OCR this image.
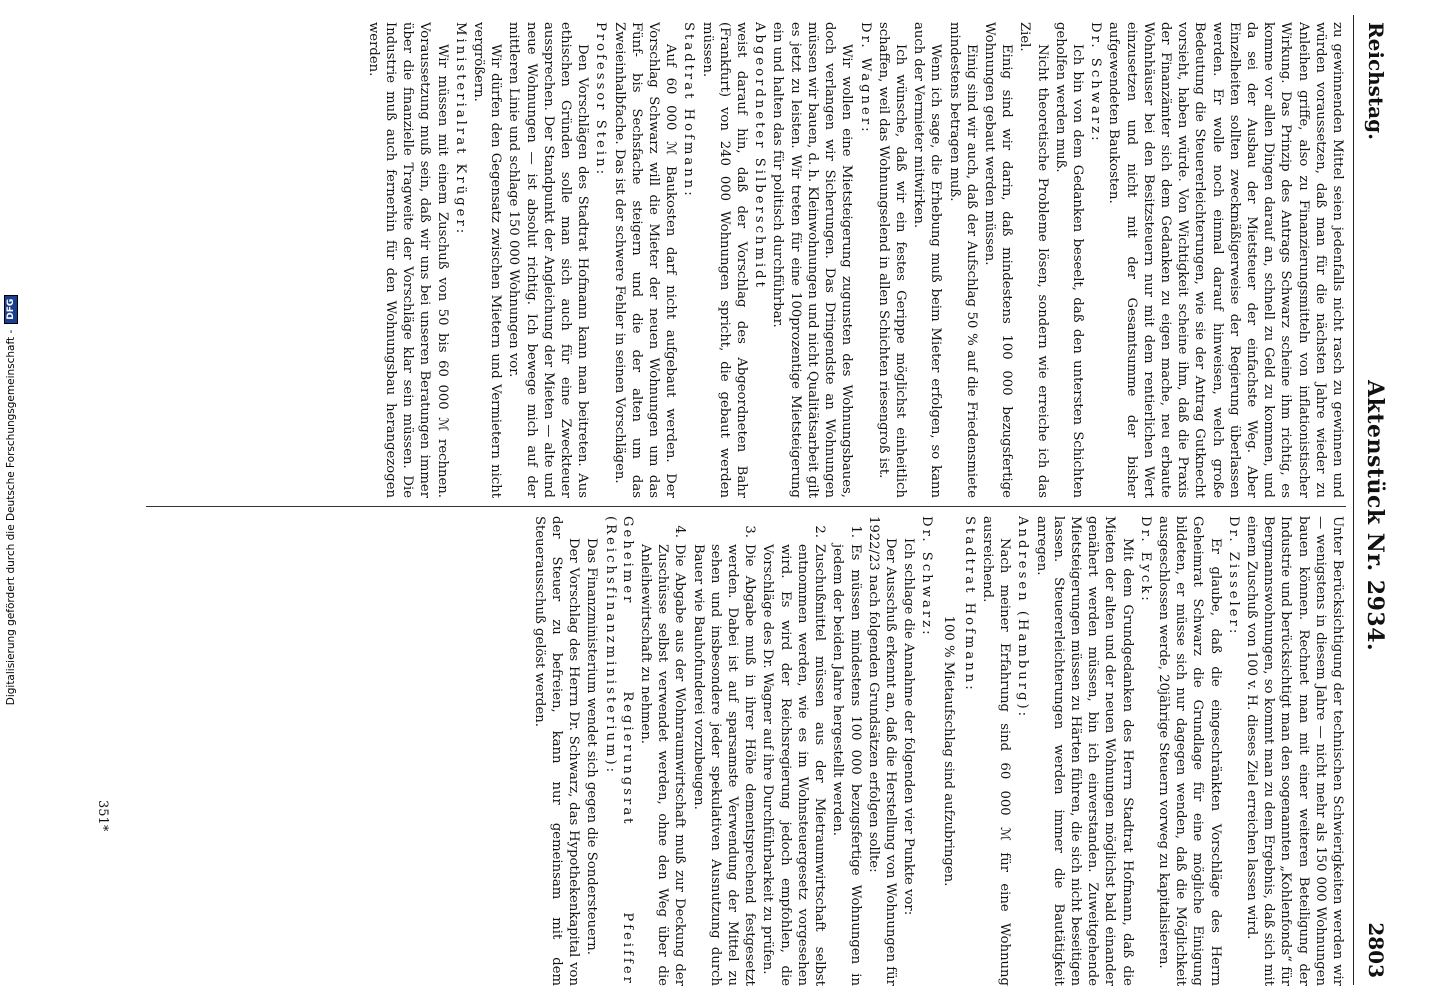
Digitalisierung gefördert durch die Deutsche Forschungsgemeinschaft -
DFG
Reichstag.
Aktenstück Nr. 2934.
2803

zu gewinnenden Mittel seien jedenfalls nicht rasch zu gewinnen und würden voraussetzen, daß man für die nächsten Jahre wieder zu Anleihen griffe, also zu Finanzierungsmitteln von inflationistischer Wirkung. Das Prinzip des Antrags Schwarz scheine ihm richtig, es komme vor allen Dingen darauf an, schnell zu Geld zu kommen, und da sei der Ausbau der Mietsteuer der einfachste Weg. Aber Einzelheiten sollten zweckmäßigerweise der Regierung überlassen werden. Er wolle noch einmal darauf hinweisen, welch große Bedeutung die Steuererleichterungen, wie sie der Antrag Gutknecht vorsieht, haben würde. Von Wichtigkeit scheine ihm, daß die Praxis der Finanzämter sich dem Gedanken zu eigen mache, neu erbaute Wohnhäuser bei den Besitzsteuern nur mit dem rentierlichen Wert einzusetzen und nicht mit der Gesamtsumme der bisher aufgewendeten Baukosten.

Dr. Schwarz:

Ich bin von dem Gedanken beseelt, daß den untersten Schichten geholfen werden muß.

Nicht theoretische Probleme lösen, sondern wie erreiche ich das Ziel.

Einig sind wir darin, daß mindestens 100 000 bezugsfertige Wohnungen gebaut werden müssen.

Einig sind wir auch, daß der Aufschlag 50 % auf die Friedensmiete mindestens betragen muß.

Wenn ich sage, die Erhebung muß beim Mieter erfolgen, so kann auch der Vermieter mitwirken.

Ich wünsche, daß wir ein festes Gerippe möglichst einheitlich schaffen, weil das Wohnungselend in allen Schichten riesengroß ist.

Dr. Wagner:

Wir wollen eine Mietsteigerung zugunsten des Wohnungsbaues, doch verlangen wir Sicherungen. Das Dringendste an Wohnungen müssen wir bauen, d. h. Kleinwohnungen und nicht Qualitätsarbeit gilt es jetzt zu leisten. Wir treten für eine 100prozentige Mietsteigerung ein und halten das für politisch durchführbar.

Abgeordneter Silberschmidt

weist darauf hin, daß der Vorschlag des Abgeordneten Bahr (Frankfurt) von 240 000 Wohnungen spricht, die gebaut werden müssen.

Stadtrat Hofmann:

Auf 60 000 ℳ Baukosten darf nicht aufgebaut werden. Der Vorschlag Schwarz will die Mieter der neuen Wohnungen um das Fünf- bis Sechsfache steigern und die der alten um das Zweieinhalbfache. Das ist der schwere Fehler in seinen Vorschlägen.

Professor Stein:

Den Vorschlägen des Stadtrat Hofmann kann man beitreten. Aus ethischen Gründen solle man sich auch für eine Zweckteuer aussprechen. Der Standpunkt der Angleichung der Mieten — alte und neue Wohnungen — ist absolut richtig. Ich bewege mich auf der mittleren Linie und schlage 150 000 Wohnungen vor.

Wir dürfen den Gegensatz zwischen Mietern und Vermietern nicht vergrößern.

Ministerialrat Krüger:

Wir müssen mit einem Zuschuß von 50 bis 60 000 ℳ rechnen. Voraussetzung muß sein, daß wir uns bei unseren Beratungen immer über die finanzielle Tragweite der Vorschläge klar sein müssen. Die Industrie muß auch fernerhin für den Wohnungsbau herangezogen werden.

Unter Berücksichtigung der technischen Schwierigkeiten werden wir — wenigstens in diesem Jahre — nicht mehr als 150 000 Wohnungen bauen können. Rechnet man mit einer weiteren Beteiligung der Industrie und berücksichtigt man den sogenannten „Kohlenfonds“ für Bergmannswohnungen, so kommt man zu dem Ergebnis, daß sich mit einem Zuschuß von 100 v. H. dieses Ziel erreichen lassen wird.

Dr. Zisseler:

Er glaube, daß die eingeschränkten Vorschläge des Herrn Geheimrat Schwarz die Grundlage für eine mögliche Einigung bildeten, er müsse sich nur dagegen wenden, daß die Möglichkeit ausgeschlossen werde, 20jährige Steuern vorweg zu kapitalisieren.

Dr. Eyck:

Mit dem Grundgedanken des Herrn Stadtrat Hofmann, daß die Mieten der alten und der neuen Wohnungen möglichst bald einander genähert werden müssen, bin ich einverstanden. Zuweitgehende Mietsteigerungen müssen zu Härten führen, die sich nicht beseitigen lassen. Steuererleichterungen werden immer die Bautätigkeit anregen.

Andresen (Hamburg):

Nach meiner Erfahrung sind 60 000 ℳ für eine Wohnung ausreichend.

Stadtrat Hofmann:

100 % Mietaufschlag sind aufzubringen.

Dr. Schwarz:

Ich schlage die Annahme der folgenden vier Punkte vor:

Der Ausschuß erkennt an, daß die Herstellung von Wohnungen für 1922/23 nach folgenden Grundsätzen erfolgen sollte:

1.
Es müssen mindestens 100 000 bezugsfertige Wohnungen in jedem der beiden Jahre hergestellt werden.
2.
Zuschußmittel müssen aus der Mietraumwirtschaft selbst entnommen werden, wie es im Wohnsteuergesetz vorgesehen wird. Es wird der Reichsregierung jedoch empfohlen, die Vorschläge des Dr. Wagner auf ihre Durchführbarkeit zu prüfen.
3.
Die Abgabe muß in ihrer Höhe dementsprechend festgesetzt werden. Dabei ist auf sparsamste Verwendung der Mittel zu sehen und insbesondere jeder spekulativen Ausnutzung durch Bauer wie Bauhofunderei vorzubeugen.
4.
Die Abgabe aus der Wohnraumwirtschaft muß zur Deckung der Zuschüsse selbst verwendet werden, ohne den Weg über die Anleihewirtschaft zu nehmen.

Geheimer Regierungsrat Pfeiffer (Reichsfinanzministerium):

Das Finanzministerium wendet sich gegen die Sondersteuern.

Der Vorschlag des Herrn Dr. Schwarz, das Hypothekenkapital von der Steuer zu befreien, kann nur gemeinsam mit dem Steuerausschuß gelöst werden.

351*
